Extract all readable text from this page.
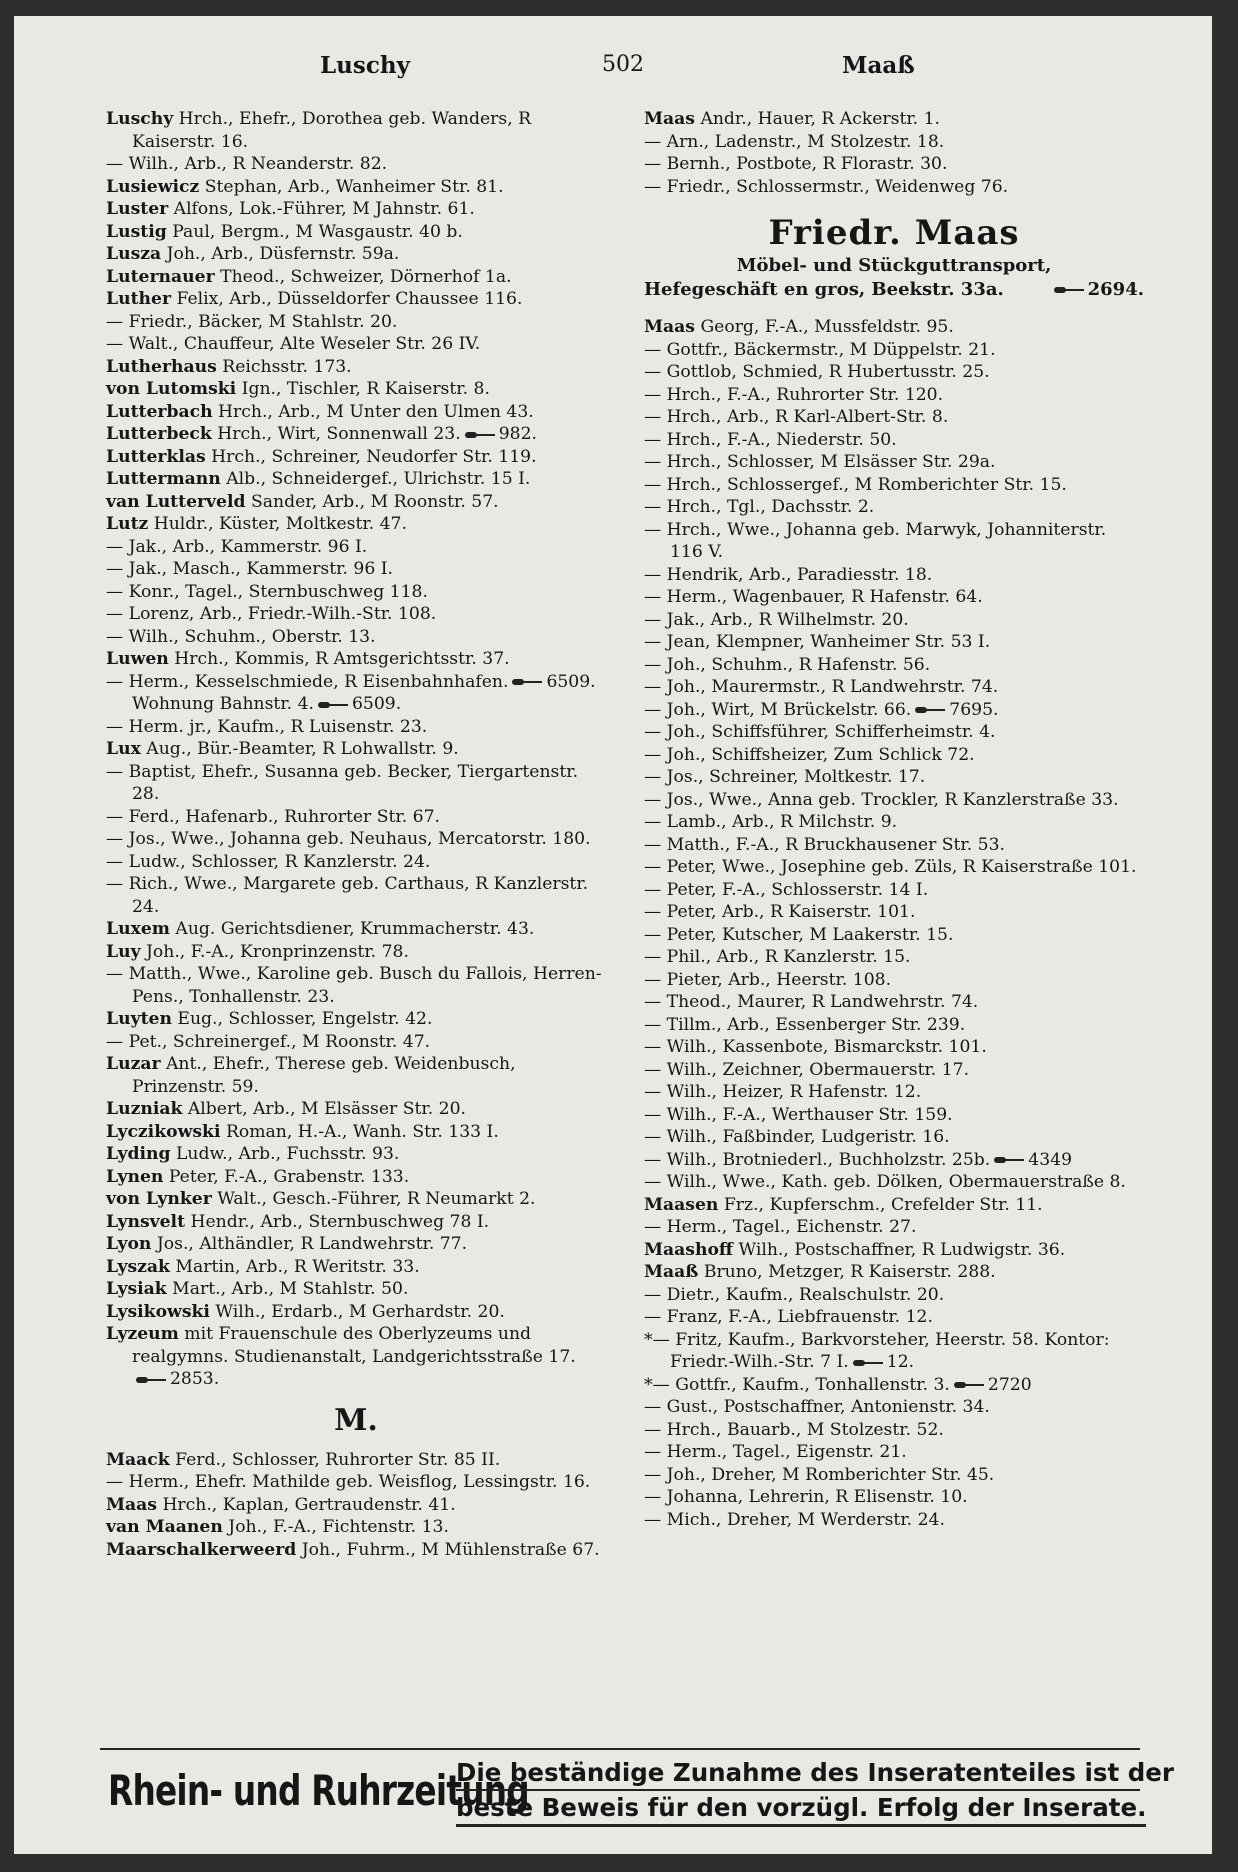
Luschy	502	Maaß
Luschy Hrch., Ehefr., Dorothea geb. Wanders, R Kaiserstr. 16.
— Wilh., Arb., R Neanderstr. 82.
Lusiewicz Stephan, Arb., Wanheimer Str. 81.
Luster Alfons, Lok.-Führer, M Jahnstr. 61.
Lustig Paul, Bergm., M Wasgaustr. 40 b.
Lusza Joh., Arb., Düsfernstr. 59a.
Luternauer Theod., Schweizer, Dörnerhof 1a.
Luther Felix, Arb., Düsseldorfer Chaussee 116.
— Friedr., Bäcker, M Stahlstr. 20.
— Walt., Chauffeur, Alte Weseler Str. 26 IV.
Lutherhaus Reichsstr. 173.
von Lutomski Ign., Tischler, R Kaiserstr. 8.
Lutterbach Hrch., Arb., M Unter den Ulmen 43.
Lutterbeck Hrch., Wirt, Sonnenwall 23. 982.
Lutterklas Hrch., Schreiner, Neudorfer Str. 119.
Luttermann Alb., Schneidergef., Ulrichstr. 15 I.
van Lutterveld Sander, Arb., M Roonstr. 57.
Lutz Huldr., Küster, Moltkestr. 47.
— Jak., Arb., Kammerstr. 96 I.
— Jak., Masch., Kammerstr. 96 I.
— Konr., Tagel., Sternbuschweg 118.
— Lorenz, Arb., Friedr.-Wilh.-Str. 108.
— Wilh., Schuhm., Oberstr. 13.
Luwen Hrch., Kommis, R Amtsgerichtsstr. 37.
— Herm., Kesselschmiede, R Eisenbahnhafen. 6509. Wohnung Bahnstr. 4. 6509.
— Herm. jr., Kaufm., R Luisenstr. 23.
Lux Aug., Bür.-Beamter, R Lohwallstr. 9.
— Baptist, Ehefr., Susanna geb. Becker, Tiergartenstr. 28.
— Ferd., Hafenarb., Ruhrorter Str. 67.
— Jos., Wwe., Johanna geb. Neuhaus, Mercatorstr. 180.
— Ludw., Schlosser, R Kanzlerstr. 24.
— Rich., Wwe., Margarete geb. Carthaus, R Kanzlerstr. 24.
Luxem Aug. Gerichtsdiener, Krummacherstr. 43.
Luy Joh., F.-A., Kronprinzenstr. 78.
— Matth., Wwe., Karoline geb. Busch du Fallois, Herren-Pens., Tonhallenstr. 23.
Luyten Eug., Schlosser, Engelstr. 42.
— Pet., Schreinergef., M Roonstr. 47.
Luzar Ant., Ehefr., Therese geb. Weidenbusch, Prinzenstr. 59.
Luzniak Albert, Arb., M Elsässer Str. 20.
Lyczikowski Roman, H.-A., Wanh. Str. 133 I.
Lyding Ludw., Arb., Fuchsstr. 93.
Lynen Peter, F.-A., Grabenstr. 133.
von Lynker Walt., Gesch.-Führer, R Neumarkt 2.
Lynsvelt Hendr., Arb., Sternbuschweg 78 I.
Lyon Jos., Althändler, R Landwehrstr. 77.
Lyszak Martin, Arb., R Weritstr. 33.
Lysiak Mart., Arb., M Stahlstr. 50.
Lysikowski Wilh., Erdarb., M Gerhardstr. 20.
Lyzeum mit Frauenschule des Oberlyzeums und realgymns. Studienanstalt, Landgerichtsstraße 17.2853.
M.
Maack Ferd., Schlosser, Ruhrorter Str. 85 II.
— Herm., Ehefr. Mathilde geb. Weisflog, Lessingstr. 16.
Maas Hrch., Kaplan, Gertraudenstr. 41.
van Maanen Joh., F.-A., Fichtenstr. 13.
Maarschalkerweerd Joh., Fuhrm., M Mühlenstraße 67.
Maas Andr., Hauer, R Ackerstr. 1.
— Arn., Ladenstr., M Stolzestr. 18.
— Bernh., Postbote, R Florastr. 30.
— Friedr., Schlossermstr., Weidenweg 76.
Friedr. Maas
Möbel- und Stückguttransport,
Hefegeschäft en gros, Beekstr. 33a.	2694.
Maas Georg, F.-A., Mussfeldstr. 95.
— Gottfr., Bäckermstr., M Düppelstr. 21.
— Gottlob, Schmied, R Hubertusstr. 25.
— Hrch., F.-A., Ruhrorter Str. 120.
— Hrch., Arb., R Karl-Albert-Str. 8.
— Hrch., F.-A., Niederstr. 50.
— Hrch., Schlosser, M Elsässer Str. 29a.
— Hrch., Schlossergef., M Romberichter Str. 15.
— Hrch., Tgl., Dachsstr. 2.
— Hrch., Wwe., Johanna geb. Marwyk, Johanniterstr. 116 V.
— Hendrik, Arb., Paradiesstr. 18.
— Herm., Wagenbauer, R Hafenstr. 64.
— Jak., Arb., R Wilhelmstr. 20.
— Jean, Klempner, Wanheimer Str. 53 I.
— Joh., Schuhm., R Hafenstr. 56.
— Joh., Maurermstr., R Landwehrstr. 74.
— Joh., Wirt, M Brückelstr. 66. 7695.
— Joh., Schiffsführer, Schifferheimstr. 4.
— Joh., Schiffsheizer, Zum Schlick 72.
— Jos., Schreiner, Moltkestr. 17.
— Jos., Wwe., Anna geb. Trockler, R Kanzlerstraße 33.
— Lamb., Arb., R Milchstr. 9.
— Matth., F.-A., R Bruckhausener Str. 53.
— Peter, Wwe., Josephine geb. Züls, R Kaiserstraße 101.
— Peter, F.-A., Schlosserstr. 14 I.
— Peter, Arb., R Kaiserstr. 101.
— Peter, Kutscher, M Laakerstr. 15.
— Phil., Arb., R Kanzlerstr. 15.
— Pieter, Arb., Heerstr. 108.
— Theod., Maurer, R Landwehrstr. 74.
— Tillm., Arb., Essenberger Str. 239.
— Wilh., Kassenbote, Bismarckstr. 101.
— Wilh., Zeichner, Obermauerstr. 17.
— Wilh., Heizer, R Hafenstr. 12.
— Wilh., F.-A., Werthauser Str. 159.
— Wilh., Faßbinder, Ludgeristr. 16.
— Wilh., Brotniederl., Buchholzstr. 25b. 4349
— Wilh., Wwe., Kath. geb. Dölken, Obermauerstraße 8.
Maasen Frz., Kupferschm., Crefelder Str. 11.
— Herm., Tagel., Eichenstr. 27.
Maashoff Wilh., Postschaffner, R Ludwigstr. 36.
Maaß Bruno, Metzger, R Kaiserstr. 288.
— Dietr., Kaufm., Realschulstr. 20.
— Franz, F.-A., Liebfrauenstr. 12.
*— Fritz, Kaufm., Barkvorsteher, Heerstr. 58. Kontor: Friedr.-Wilh.-Str. 7 I. 12.
*— Gottfr., Kaufm., Tonhallenstr. 3. 2720
— Gust., Postschaffner, Antonienstr. 34.
— Hrch., Bauarb., M Stolzestr. 52.
— Herm., Tagel., Eigenstr. 21.
— Joh., Dreher, M Romberichter Str. 45.
— Johanna, Lehrerin, R Elisenstr. 10.
— Mich., Dreher, M Werderstr. 24.
Rhein- und Ruhrzeitung
Die beständige Zunahme des Inseratenteiles ist der
beste Beweis für den vorzügl. Erfolg der Inserate.
